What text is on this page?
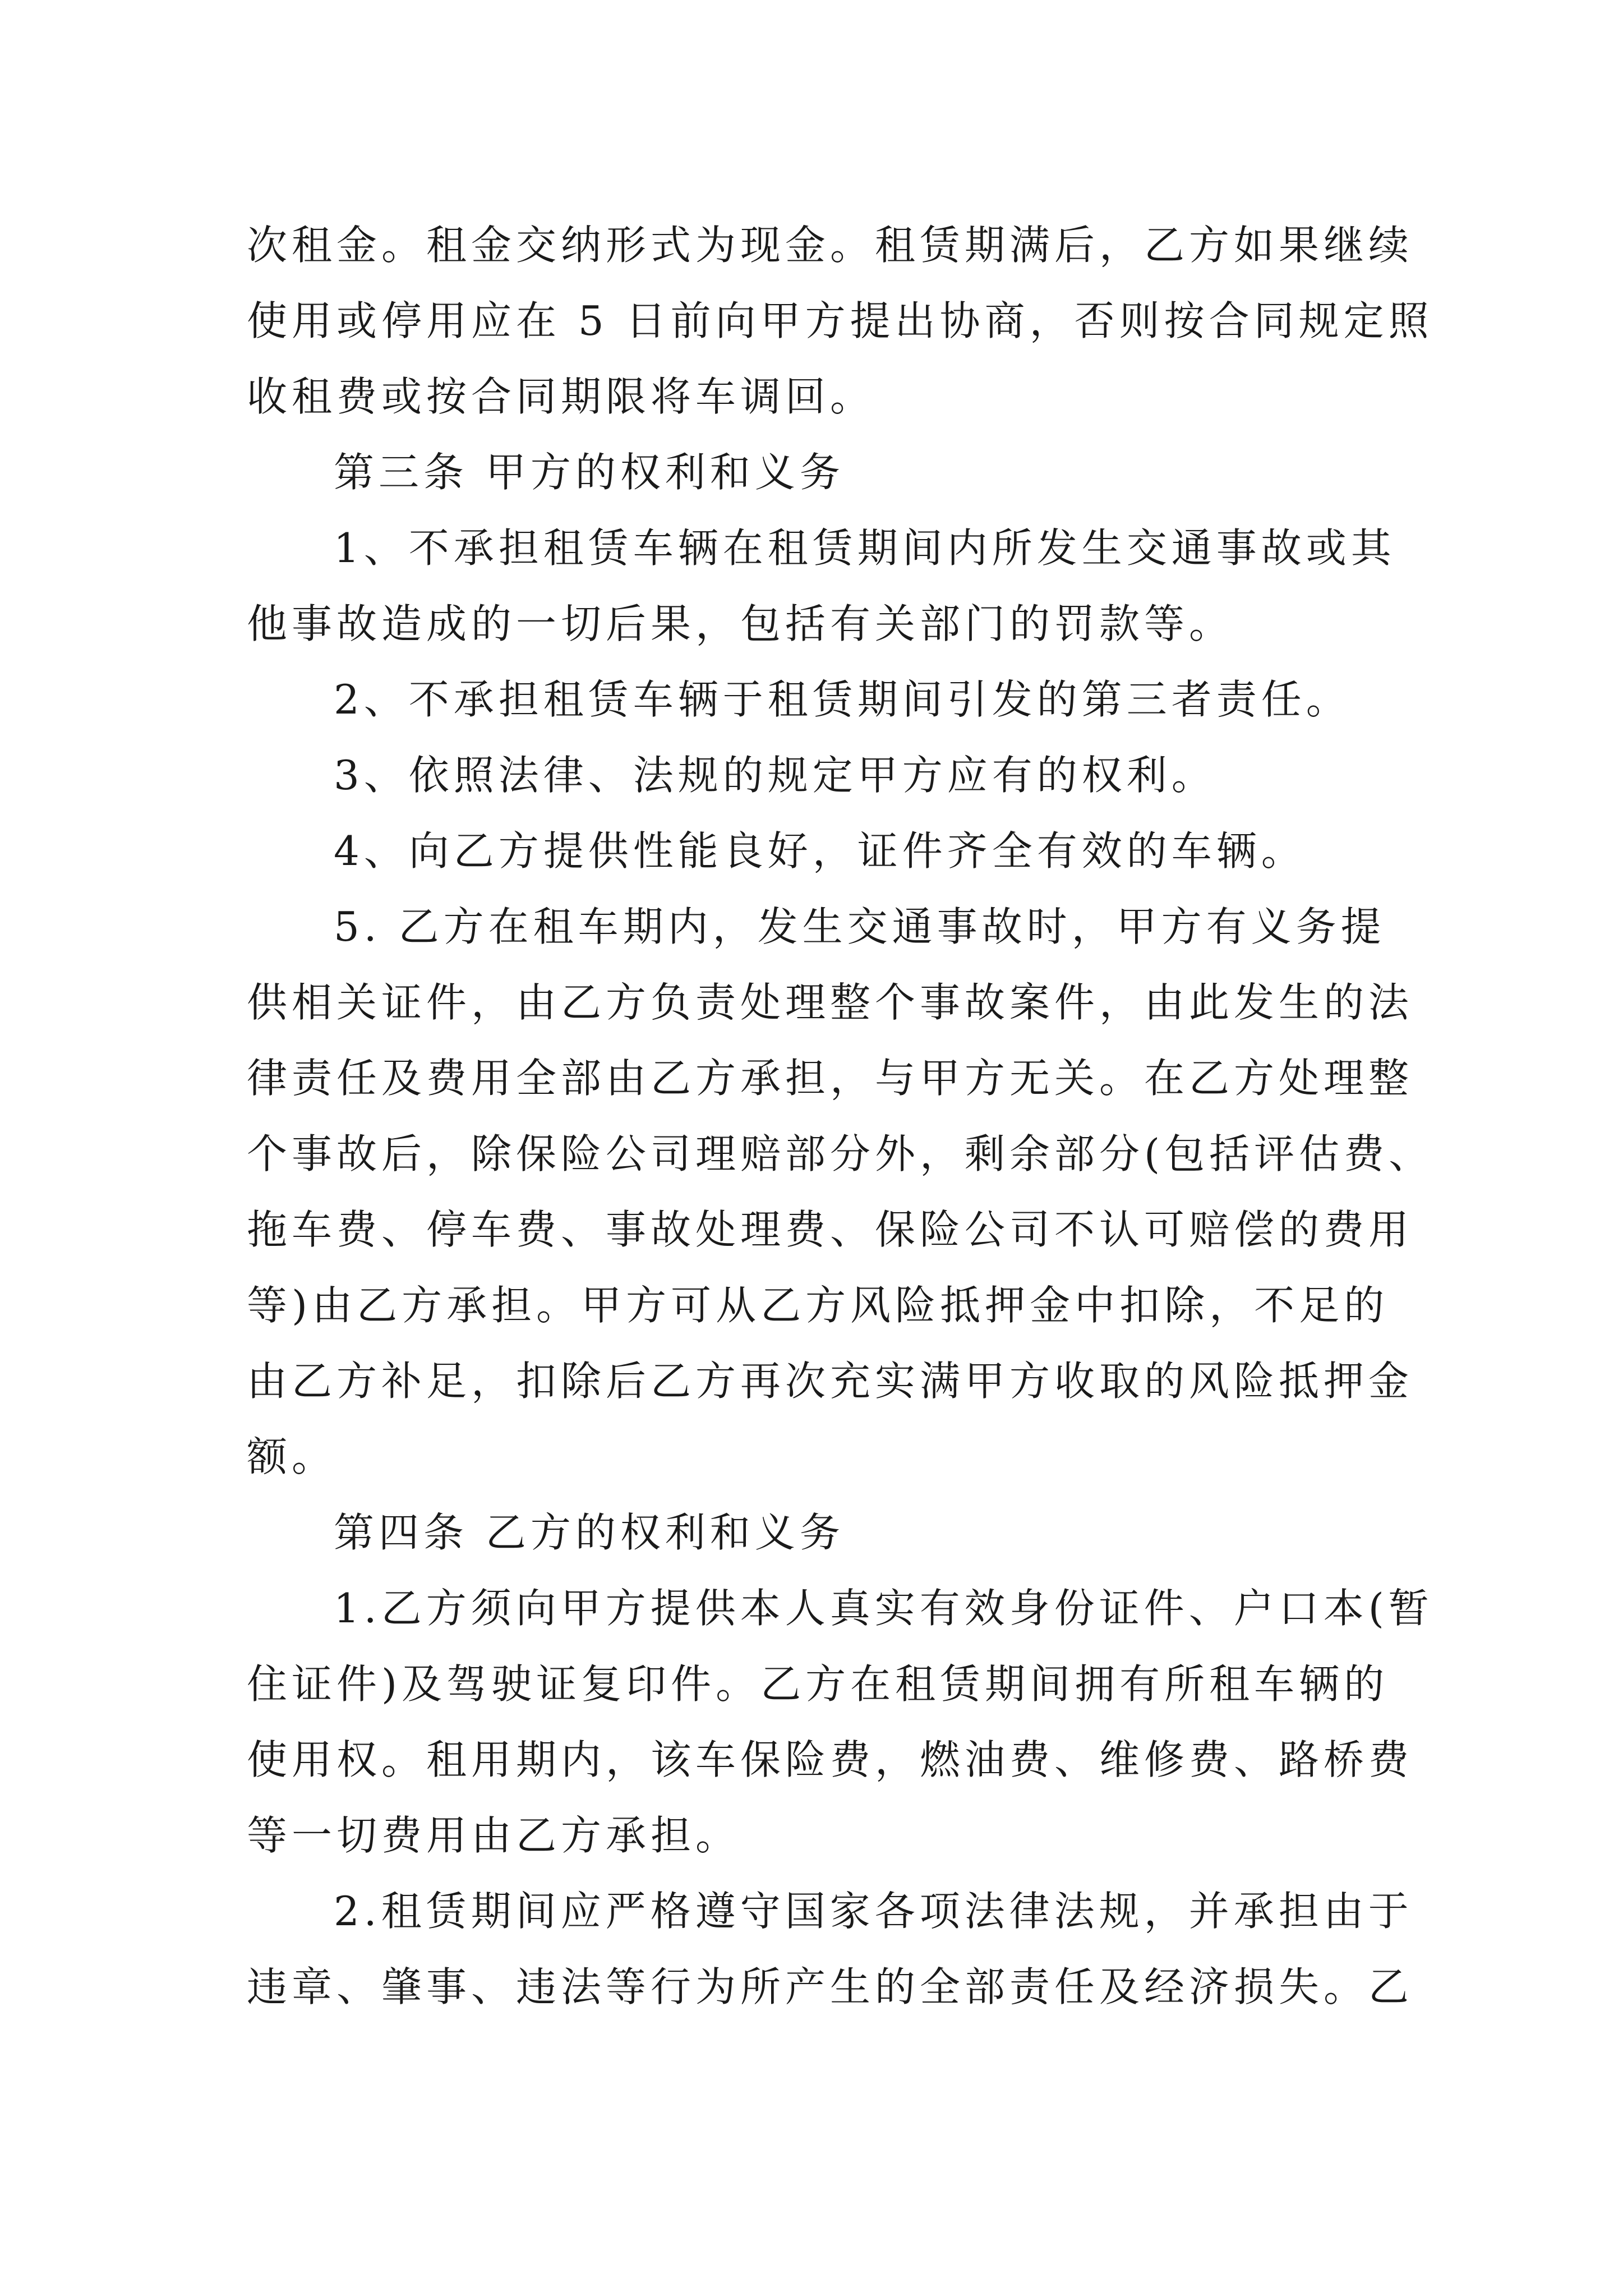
次租金。租金交纳形式为现金。租赁期满后，乙方如果继续
使用或停用应在 5 日前向甲方提出协商，否则按合同规定照
收租费或按合同期限将车调回。
第三条 甲方的权利和义务
1、不承担租赁车辆在租赁期间内所发生交通事故或其
他事故造成的一切后果，包括有关部门的罚款等。
2、不承担租赁车辆于租赁期间引发的第三者责任。
3、依照法律、法规的规定甲方应有的权利。
4、向乙方提供性能良好，证件齐全有效的车辆。
5. 乙方在租车期内，发生交通事故时，甲方有义务提
供相关证件，由乙方负责处理整个事故案件，由此发生的法
律责任及费用全部由乙方承担，与甲方无关。在乙方处理整
个事故后，除保险公司理赔部分外，剩余部分(包括评估费、
拖车费、停车费、事故处理费、保险公司不认可赔偿的费用
等)由乙方承担。甲方可从乙方风险抵押金中扣除，不足的
由乙方补足，扣除后乙方再次充实满甲方收取的风险抵押金
额。
第四条 乙方的权利和义务
1.乙方须向甲方提供本人真实有效身份证件、户口本(暂
住证件)及驾驶证复印件。乙方在租赁期间拥有所租车辆的
使用权。租用期内，该车保险费，燃油费、维修费、路桥费
等一切费用由乙方承担。
2.租赁期间应严格遵守国家各项法律法规，并承担由于
违章、肇事、违法等行为所产生的全部责任及经济损失。乙
